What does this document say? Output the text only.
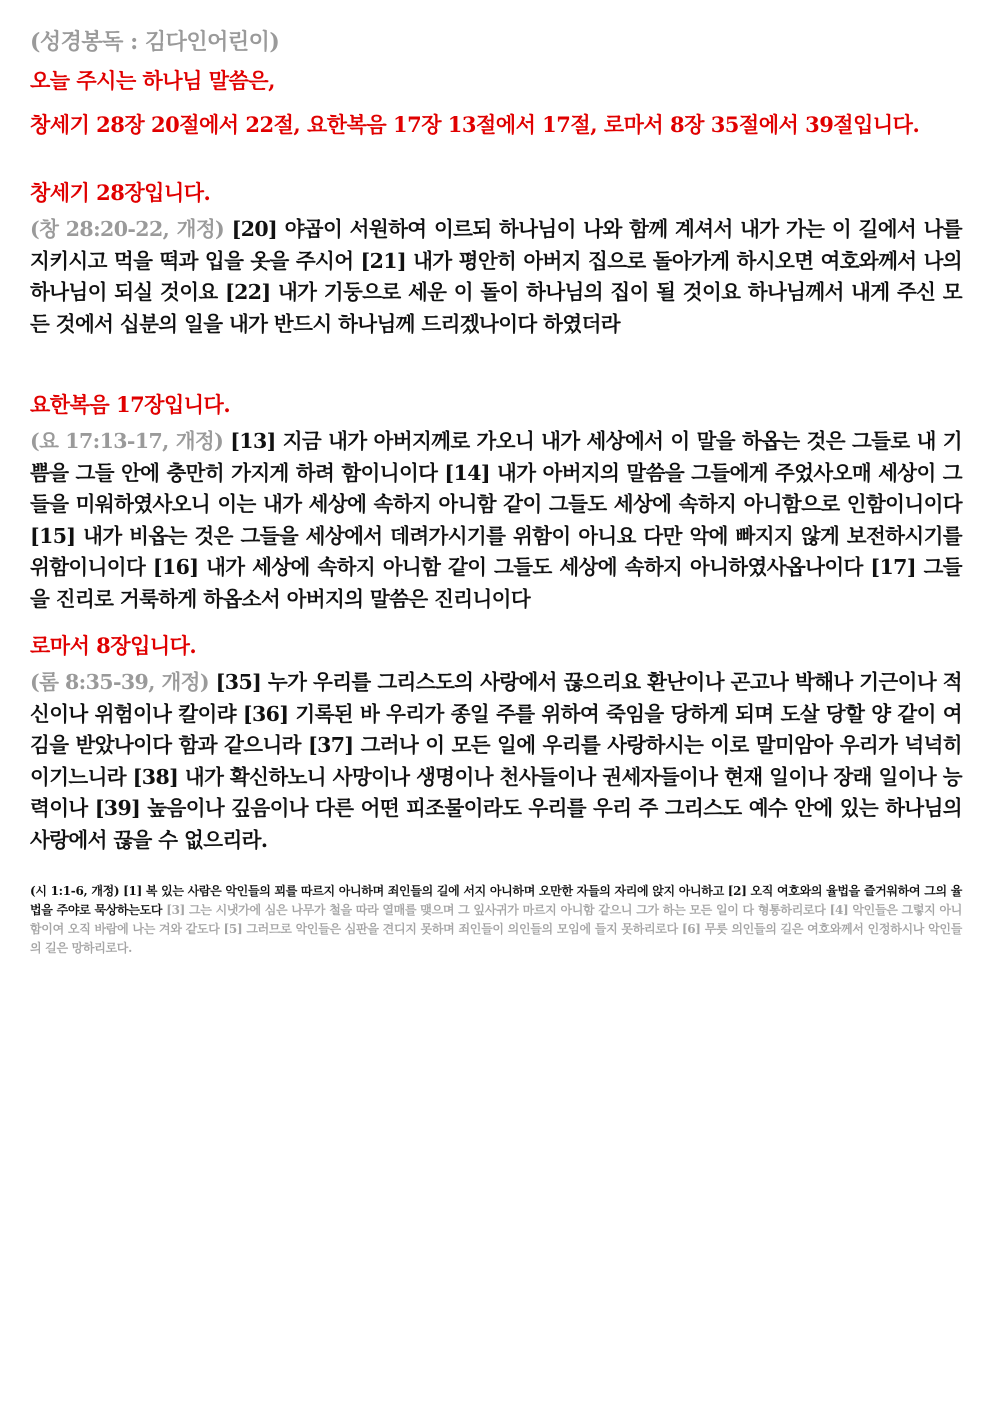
(성경봉독 : 김다인어린이)

오늘 주시는 하나님 말씀은,

창세기 28장 20절에서 22절, 요한복음 17장 13절에서 17절, 로마서 8장 35절에서 39절입니다.

창세기 28장입니다.

(창 28:20-22, 개정) [20] 야곱이 서원하여 이르되 하나님이 나와 함께 계셔서 내가 가는 이 길에서 나를 지키시고 먹을 떡과 입을 옷을 주시어 [21] 내가 평안히 아버지 집으로 돌아가게 하시오면 여호와께서 나의 하나님이 되실 것이요 [22] 내가 기둥으로 세운 이 돌이 하나님의 집이 될 것이요 하나님께서 내게 주신 모든 것에서 십분의 일을 내가 반드시 하나님께 드리겠나이다 하였더라

요한복음 17장입니다.

(요 17:13-17, 개정) [13] 지금 내가 아버지께로 가오니 내가 세상에서 이 말을 하옵는 것은 그들로 내 기쁨을 그들 안에 충만히 가지게 하려 함이니이다 [14] 내가 아버지의 말씀을 그들에게 주었사오매 세상이 그들을 미워하였사오니 이는 내가 세상에 속하지 아니함 같이 그들도 세상에 속하지 아니함으로 인함이니이다 [15] 내가 비옵는 것은 그들을 세상에서 데려가시기를 위함이 아니요 다만 악에 빠지지 않게 보전하시기를 위함이니이다 [16] 내가 세상에 속하지 아니함 같이 그들도 세상에 속하지 아니하였사옵나이다 [17] 그들을 진리로 거룩하게 하옵소서 아버지의 말씀은 진리니이다

로마서 8장입니다.

(롬 8:35-39, 개정) [35] 누가 우리를 그리스도의 사랑에서 끊으리요 환난이나 곤고나 박해나 기근이나 적신이나 위험이나 칼이랴 [36] 기록된 바 우리가 종일 주를 위하여 죽임을 당하게 되며 도살 당할 양 같이 여김을 받았나이다 함과 같으니라 [37] 그러나 이 모든 일에 우리를 사랑하시는 이로 말미암아 우리가 넉넉히 이기느니라 [38] 내가 확신하노니 사망이나 생명이나 천사들이나 권세자들이나 현재 일이나 장래 일이나 능력이나 [39] 높음이나 깊음이나 다른 어떤 피조물이라도 우리를 우리 주 그리스도 예수 안에 있는 하나님의 사랑에서 끊을 수 없으리라.

(시 1:1-6, 개정) [1] 복 있는 사람은 악인들의 꾀를 따르지 아니하며 죄인들의 길에 서지 아니하며 오만한 자들의 자리에 앉지 아니하고 [2] 오직 여호와의 율법을 즐거워하여 그의 율법을 주야로 묵상하는도다 [3] 그는 시냇가에 심은 나무가 철을 따라 열매를 맺으며 그 잎사귀가 마르지 아니함 같으니 그가 하는 모든 일이 다 형통하리로다 [4] 악인들은 그렇지 아니함이여 오직 바람에 나는 겨와 같도다 [5] 그러므로 악인들은 심판을 견디지 못하며 죄인들이 의인들의 모임에 들지 못하리로다 [6] 무릇 의인들의 길은 여호와께서 인정하시나 악인들의 길은 망하리로다.
